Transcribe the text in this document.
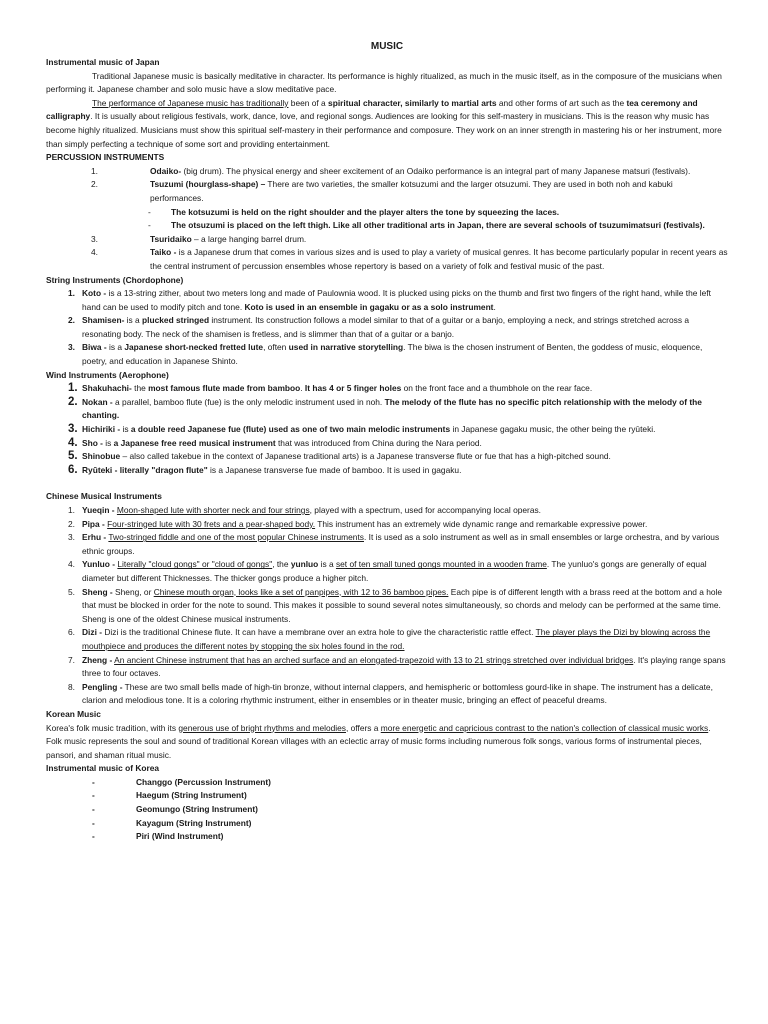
MUSIC
Instrumental music of Japan

Traditional Japanese music is basically meditative in character. Its performance is highly ritualized, as much in the music itself, as in the composure of the musicians when performing it. Japanese chamber and solo music have a slow meditative pace.

The performance of Japanese music has traditionally been of a spiritual character, similarly to martial arts and other forms of art such as the tea ceremony and calligraphy. It is usually about religious festivals, work, dance, love, and regional songs. Audiences are looking for this self-mastery in musicians. This is the reason why music has become highly ritualized. Musicians must show this spiritual self-mastery in their performance and composure. They work on an inner strength in mastering his or her instrument, more than simply perfecting a technique of some sort and providing entertainment.

PERCUSSION INSTRUMENTS
1.	Odaiko- (big drum). The physical energy and sheer excitement of an Odaiko performance is an integral part of many Japanese matsuri (festivals).
2.	Tsuzumi (hourglass-shape) – There are two varieties, the smaller kotsuzumi and the larger otsuzumi. They are used in both noh and kabuki performances.
- The kotsuzumi is held on the right shoulder and the player alters the tone by squeezing the laces.
- The otsuzumi is placed on the left thigh. Like all other traditional arts in Japan, there are several schools of tsuzumimatsuri (festivals).
3.	Tsuridaiko – a large hanging barrel drum.
4.	Taiko - is a Japanese drum that comes in various sizes and is used to play a variety of musical genres. It has become particularly popular in recent years as the central instrument of percussion ensembles whose repertory is based on a variety of folk and festival music of the past.
String Instruments (Chordophone)
1. Koto - is a 13-string zither, about two meters long and made of Paulownia wood. It is plucked using picks on the thumb and first two fingers of the right hand, while the left hand can be used to modify pitch and tone. Koto is used in an ensemble in gagaku or as a solo instrument.
2. Shamisen- is a plucked stringed instrument. Its construction follows a model similar to that of a guitar or a banjo, employing a neck, and strings stretched across a resonating body. The neck of the shamisen is fretless, and is slimmer than that of a guitar or a banjo.
3. Biwa - is a Japanese short-necked fretted lute, often used in narrative storytelling. The biwa is the chosen instrument of Benten, the goddess of music, eloquence, poetry, and education in Japanese Shinto.
Wind Instruments (Aerophone)
1. Shakuhachi- the most famous flute made from bamboo. It has 4 or 5 finger holes on the front face and a thumbhole on the rear face.
2. Nokan - a parallel, bamboo flute (fue) is the only melodic instrument used in noh. The melody of the flute has no specific pitch relationship with the melody of the chanting.
3. Hichiriki - is a double reed Japanese fue (flute) used as one of two main melodic instruments in Japanese gagaku music, the other being the ryūteki.
4. Sho - is a Japanese free reed musical instrument that was introduced from China during the Nara period.
5. Shinobue – also called takebue in the context of Japanese traditional arts) is a Japanese transverse flute or fue that has a high-pitched sound.
6. Ryūteki - literally "dragon flute" is a Japanese transverse fue made of bamboo. It is used in gagaku.
Chinese Musical Instruments
1. Yueqin - Moon-shaped lute with shorter neck and four strings, played with a spectrum, used for accompanying local operas.
2. Pipa - Four-stringed lute with 30 frets and a pear-shaped body. This instrument has an extremely wide dynamic range and remarkable expressive power.
3. Erhu - Two-stringed fiddle and one of the most popular Chinese instruments. It is used as a solo instrument as well as in small ensembles or large orchestra, and by various ethnic groups.
4. Yunluo - Literally "cloud gongs" or "cloud of gongs", the yunluo is a set of ten small tuned gongs mounted in a wooden frame. The yunluo's gongs are generally of equal diameter but different Thicknesses. The thicker gongs produce a higher pitch.
5. Sheng - Sheng, or Chinese mouth organ, looks like a set of panpipes, with 12 to 36 bamboo pipes. Each pipe is of different length with a brass reed at the bottom and a hole that must be blocked in order for the note to sound. This makes it possible to sound several notes simultaneously, so chords and melody can be performed at the same time. Sheng is one of the oldest Chinese musical instruments.
6. Dizi - Dizi is the traditional Chinese flute. It can have a membrane over an extra hole to give the characteristic rattle effect. The player plays the Dizi by blowing across the mouthpiece and produces the different notes by stopping the six holes found in the rod.
7. Zheng - An ancient Chinese instrument that has an arched surface and an elongated-trapezoid with 13 to 21 strings stretched over individual bridges. It's playing range spans three to four octaves.
8. Pengling - These are two small bells made of high-tin bronze, without internal clappers, and hemispheric or bottomless gourd-like in shape. The instrument has a delicate, clarion and melodious tone. It is a coloring rhythmic instrument, either in ensembles or in theater music, bringing an effect of peaceful dreams.
Korean Music

Korea's folk music tradition, with its generous use of bright rhythms and melodies, offers a more energetic and capricious contrast to the nation's collection of classical music works. Folk music represents the soul and sound of traditional Korean villages with an eclectic array of music forms including numerous folk songs, various forms of instrumental pieces, pansori, and shaman ritual music.

Instrumental music of Korea
-	Changgo (Percussion Instrument)
-	Haegum (String Instrument)
-	Geomungo (String Instrument)
-	Kayagum (String Instrument)
-	Piri (Wind Instrument)
